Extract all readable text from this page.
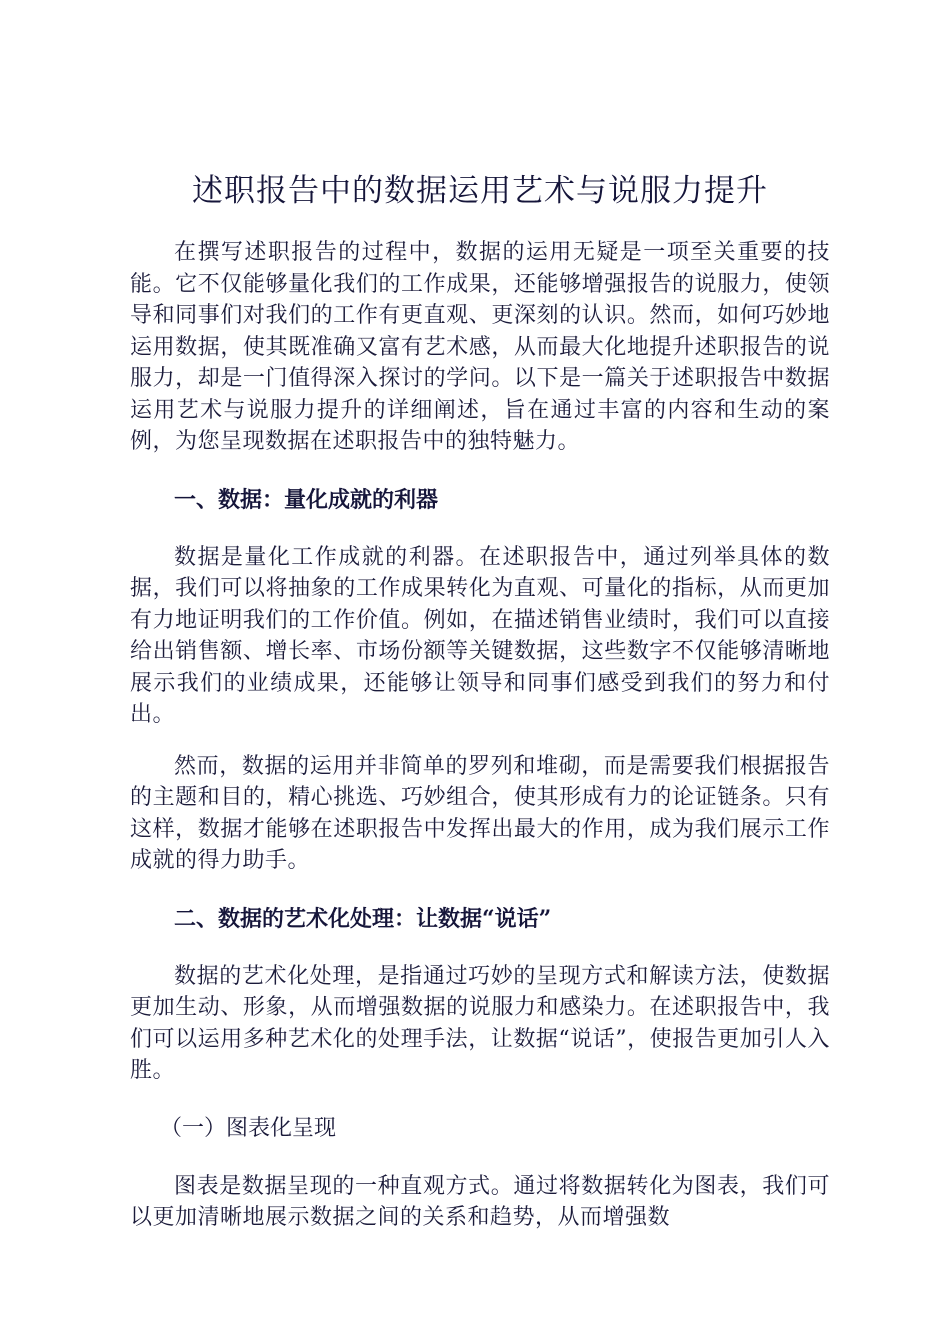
述职报告中的数据运用艺术与说服力提升

在撰写述职报告的过程中，数据的运用无疑是一项至关重要的技能。它不仅能够量化我们的工作成果，还能够增强报告的说服力，使领导和同事们对我们的工作有更直观、更深刻的认识。然而，如何巧妙地运用数据，使其既准确又富有艺术感，从而最大化地提升述职报告的说服力，却是一门值得深入探讨的学问。以下是一篇关于述职报告中数据运用艺术与说服力提升的详细阐述，旨在通过丰富的内容和生动的案例，为您呈现数据在述职报告中的独特魅力。

一、数据：量化成就的利器

数据是量化工作成就的利器。在述职报告中，通过列举具体的数据，我们可以将抽象的工作成果转化为直观、可量化的指标，从而更加有力地证明我们的工作价值。例如，在描述销售业绩时，我们可以直接给出销售额、增长率、市场份额等关键数据，这些数字不仅能够清晰地展示我们的业绩成果，还能够让领导和同事们感受到我们的努力和付出。

然而，数据的运用并非简单的罗列和堆砌，而是需要我们根据报告的主题和目的，精心挑选、巧妙组合，使其形成有力的论证链条。只有这样，数据才能够在述职报告中发挥出最大的作用，成为我们展示工作成就的得力助手。

二、数据的艺术化处理：让数据“说话”

数据的艺术化处理，是指通过巧妙的呈现方式和解读方法，使数据更加生动、形象，从而增强数据的说服力和感染力。在述职报告中，我们可以运用多种艺术化的处理手法，让数据“说话”，使报告更加引人入胜。

（一）图表化呈现

图表是数据呈现的一种直观方式。通过将数据转化为图表，我们可以更加清晰地展示数据之间的关系和趋势，从而增强数
